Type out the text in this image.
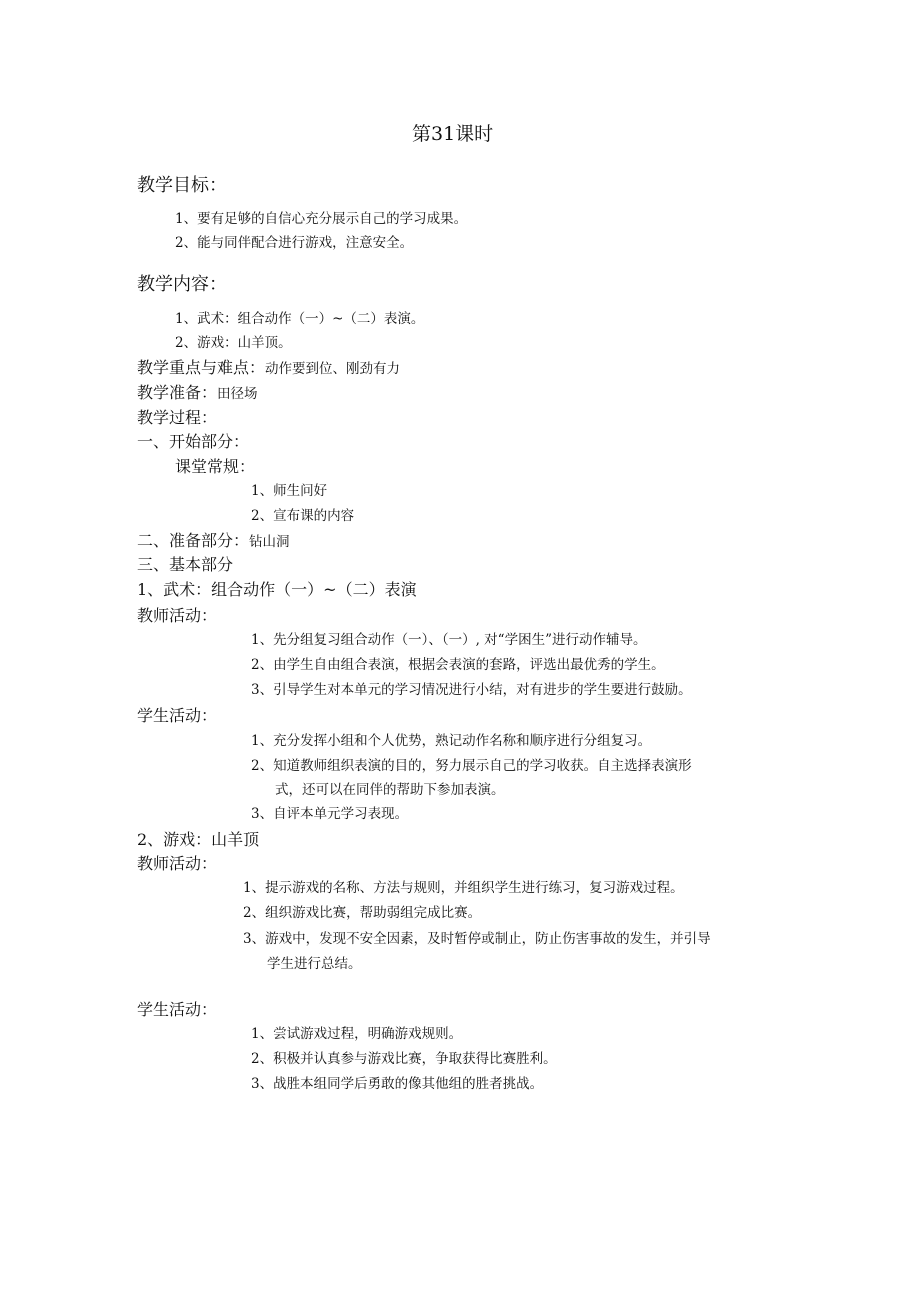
第31课时
教学目标：
1、要有足够的自信心充分展示自己的学习成果。
2、能与同伴配合进行游戏，注意安全。
教学内容：
1、武术：组合动作（一）~（二）表演。
2、游戏：山羊顶。
教学重点与难点：动作要到位、刚劲有力
教学准备：田径场
教学过程：
一、开始部分：
课堂常规：
1、师生问好
2、宣布课的内容
二、准备部分：钻山洞
三、基本部分
1、武术：组合动作（一）~（二）表演
教师活动：
1、先分组复习组合动作（一）、（一）, 对“学困生”进行动作辅导。
2、由学生自由组合表演，根据会表演的套路，评选出最优秀的学生。
3、引导学生对本单元的学习情况进行小结，对有进步的学生要进行鼓励。
学生活动：
1、充分发挥小组和个人优势，熟记动作名称和顺序进行分组复习。
2、知道教师组织表演的目的，努力展示自己的学习收获。自主选择表演形
式，还可以在同伴的帮助下参加表演。
3、自评本单元学习表现。
2、游戏：山羊顶
教师活动：
1、提示游戏的名称、方法与规则，并组织学生进行练习，复习游戏过程。
2、组织游戏比赛，帮助弱组完成比赛。
3、游戏中，发现不安全因素，及时暂停或制止，防止伤害事故的发生，并引导
学生进行总结。
学生活动：
1、尝试游戏过程，明确游戏规则。
2、积极并认真参与游戏比赛，争取获得比赛胜利。
3、战胜本组同学后勇敢的像其他组的胜者挑战。
